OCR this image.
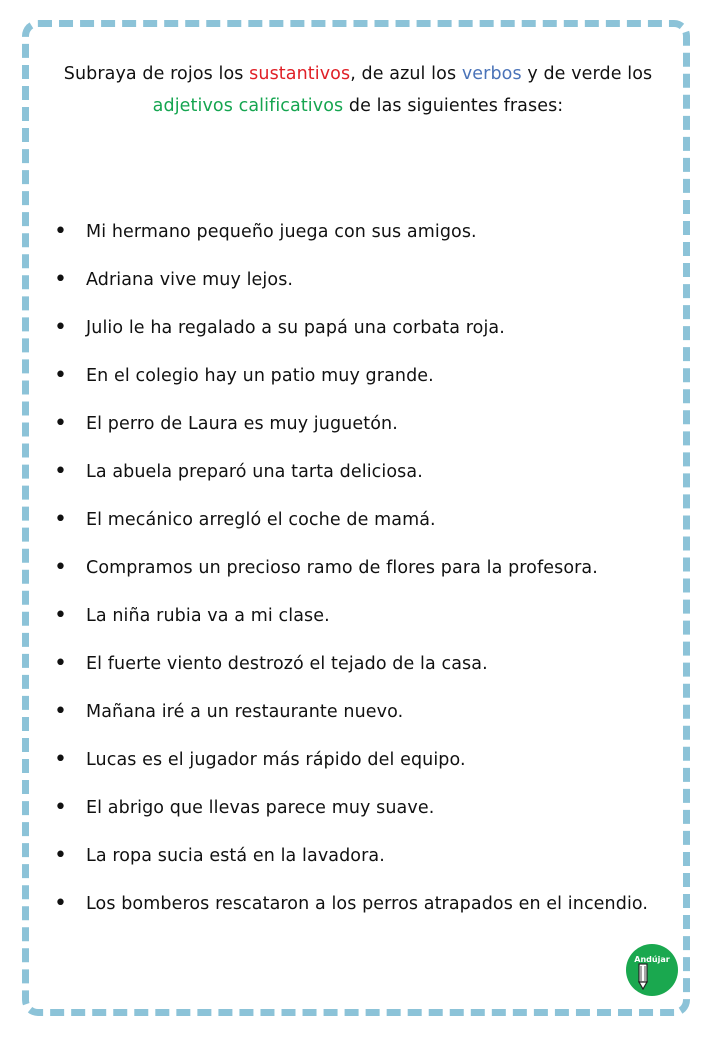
Subraya de rojos los sustantivos, de azul los verbos y de verde los
adjetivos calificativos de las siguientes frases:
•	Mi hermano pequeño juega con sus amigos.
•	Adriana vive muy lejos.
•	Julio le ha regalado a su papá una corbata roja.
•	En el colegio hay un patio muy grande.
•	El perro de Laura es muy juguetón.
•	La abuela preparó una tarta deliciosa.
•	El mecánico arregló el coche de mamá.
•	Compramos un precioso ramo de flores para la profesora.
•	La niña rubia va a mi clase.
•	El fuerte viento destrozó el tejado de la casa.
•	Mañana iré a un restaurante nuevo.
•	Lucas es el jugador más rápido del equipo.
•	El abrigo que llevas parece muy suave.
•	La ropa sucia está en la lavadora.
•	Los bomberos rescataron a los perros atrapados en el incendio.
Andújar
